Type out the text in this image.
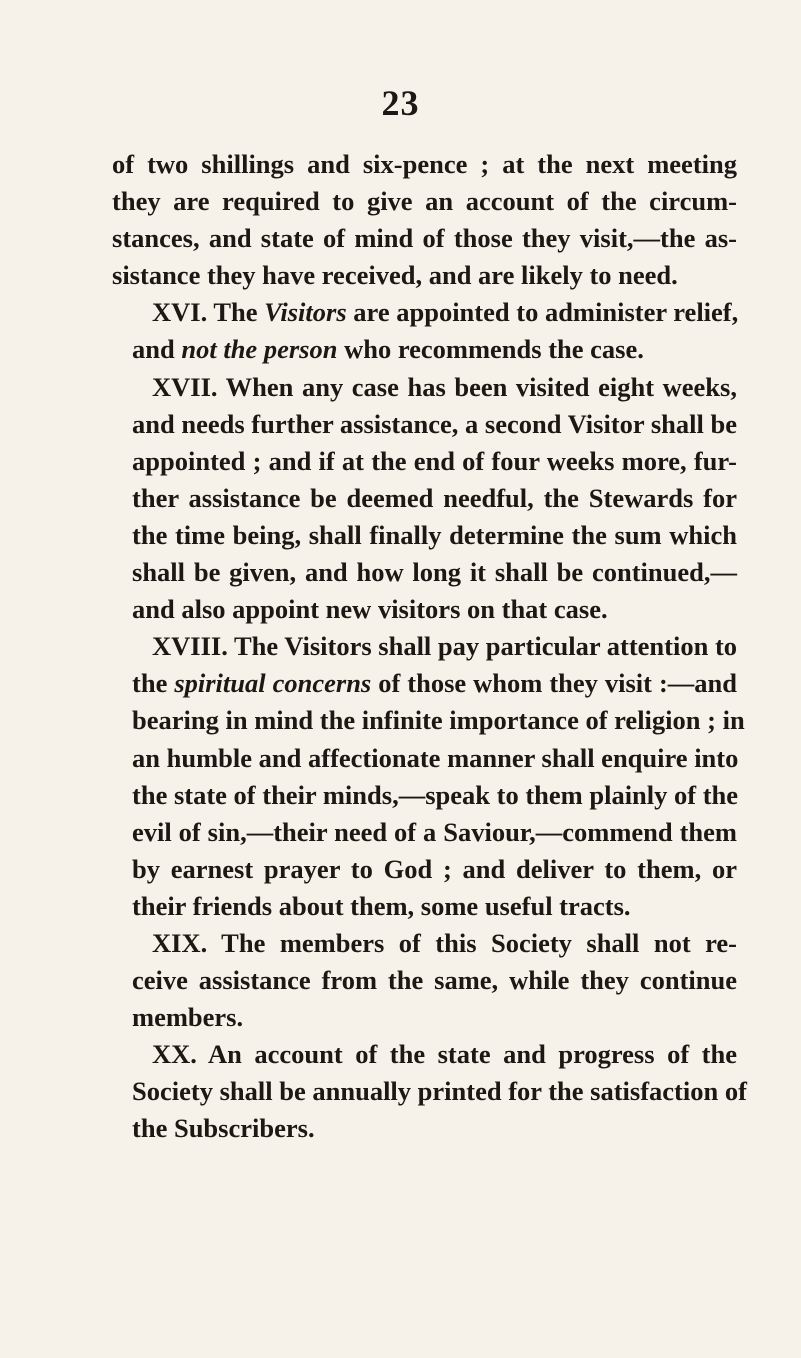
23
of two shillings and six-pence ; at the next meeting
they are required to give an account of the circum-
stances, and state of mind of those they visit,—the as-
sistance they have received, and are likely to need.
XVI. The Visitors are appointed to administer relief,
and not the person who recommends the case.
XVII. When any case has been visited eight weeks,
and needs further assistance, a second Visitor shall be
appointed ; and if at the end of four weeks more, fur-
ther assistance be deemed needful, the Stewards for
the time being, shall finally determine the sum which
shall be given, and how long it shall be continued,—
and also appoint new visitors on that case.
XVIII. The Visitors shall pay particular attention to
the spiritual concerns of those whom they visit :—and
bearing in mind the infinite importance of religion ; in
an humble and affectionate manner shall enquire into
the state of their minds,—speak to them plainly of the
evil of sin,—their need of a Saviour,—commend them
by earnest prayer to God ; and deliver to them, or
their friends about them, some useful tracts.
XIX. The members of this Society shall not re-
ceive assistance from the same, while they continue
members.
XX. An account of the state and progress of the
Society shall be annually printed for the satisfaction of
the Subscribers.
